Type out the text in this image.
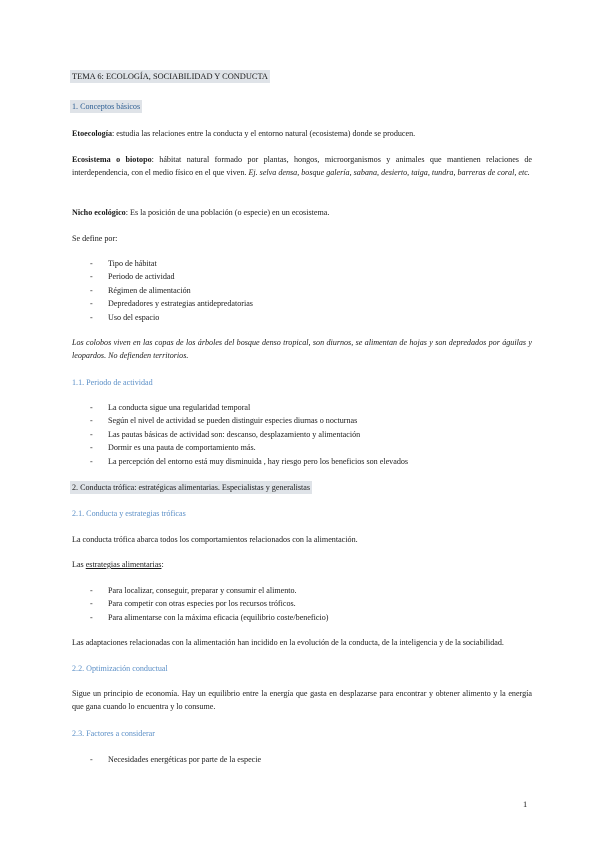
TEMA 6: ECOLOGÍA, SOCIABILIDAD Y CONDUCTA
1. Conceptos básicos
Etoecología: estudia las relaciones entre la conducta y el entorno natural (ecosistema) donde se producen.
Ecosistema o biotopo: hábitat natural formado por plantas, hongos, microorganismos y animales que mantienen relaciones de interdependencia, con el medio físico en el que viven. Ej. selva densa, bosque galería, sabana, desierto, taiga, tundra, barreras de coral, etc.
Nicho ecológico: Es la posición de una población (o especie) en un ecosistema.
Se define por:
- Tipo de hábitat
- Periodo de actividad
- Régimen de alimentación
- Depredadores y estrategias antidepredatorias
- Uso del espacio
Los colobos viven en las copas de los árboles del bosque denso tropical, son diurnos, se alimentan de hojas y son depredados por águilas y leopardos. No defienden territorios.
1.1. Periodo de actividad
- La conducta sigue una regularidad temporal
- Según el nivel de actividad se pueden distinguir especies diurnas o nocturnas
- Las pautas básicas de actividad son: descanso, desplazamiento y alimentación
- Dormir es una pauta de comportamiento más.
- La percepción del entorno está muy disminuida , hay riesgo pero los beneficios son elevados
2. Conducta trófica: estratégicas alimentarias. Especialistas y generalistas
2.1. Conducta y estrategias tróficas
La conducta trófica abarca todos los comportamientos relacionados con la alimentación.
Las estrategias alimentarias:
- Para localizar, conseguir, preparar y consumir el alimento.
- Para competir con otras especies por los recursos tróficos.
- Para alimentarse con la máxima eficacia (equilibrio coste/beneficio)
Las adaptaciones relacionadas con la alimentación han incidido en la evolución de la conducta, de la inteligencia y de la sociabilidad.
2.2. Optimización conductual
Sigue un principio de economía. Hay un equilibrio entre la energía que gasta en desplazarse para encontrar y obtener alimento y la energía que gana cuando lo encuentra y lo consume.
2.3. Factores a considerar
- Necesidades energéticas por parte de la especie
1
